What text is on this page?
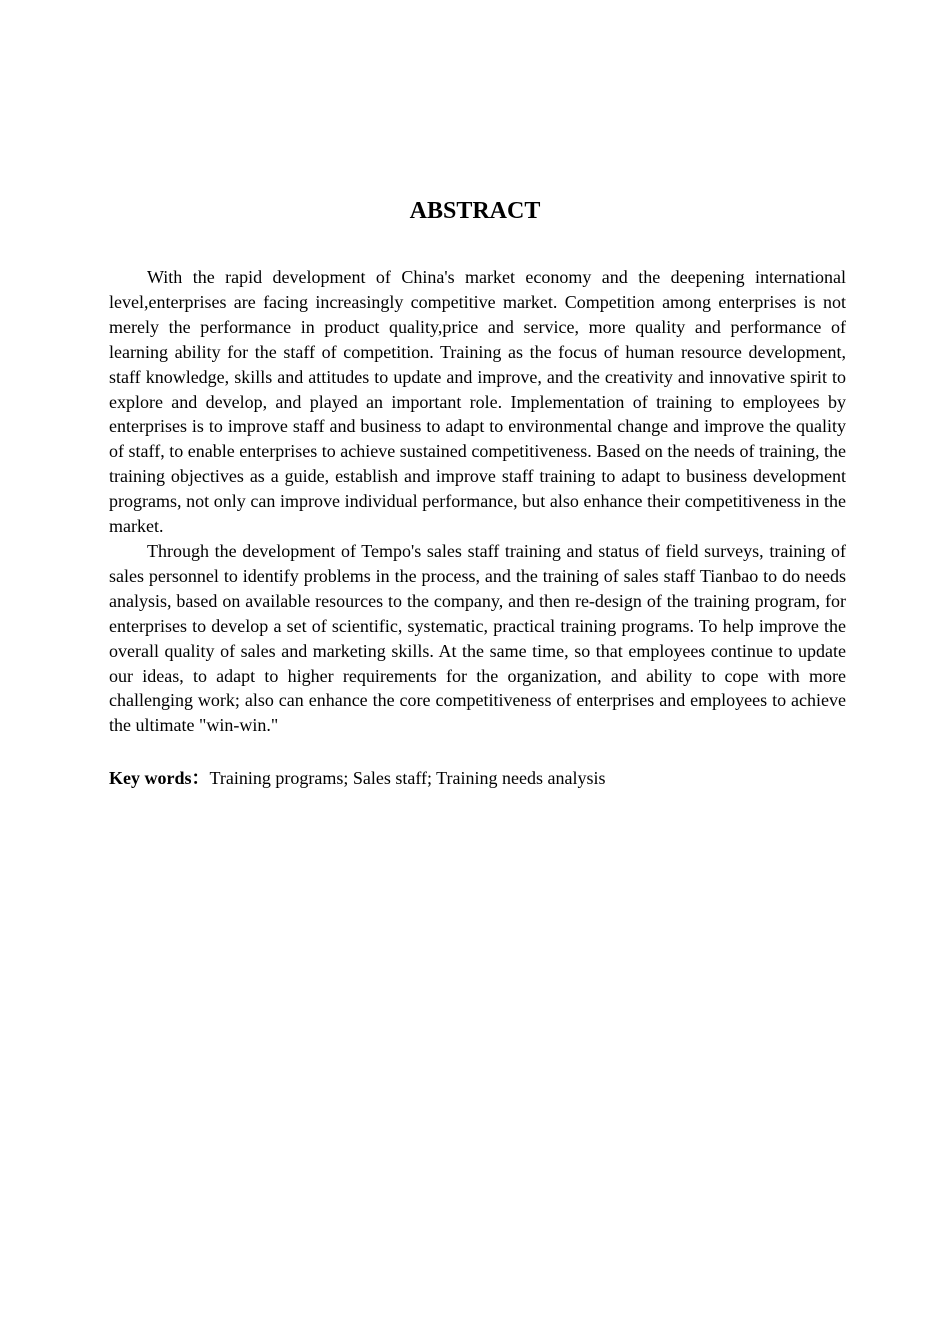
ABSTRACT

With the rapid development of China's market economy and the deepening international level,enterprises are facing increasingly competitive market. Competition among enterprises is not merely the performance in product quality,price and service, more quality and performance of learning ability for the staff of competition. Training as the focus of human resource development, staff knowledge, skills and attitudes to update and improve, and the creativity and innovative spirit to explore and develop, and played an important role. Implementation of training to employees by enterprises is to improve staff and business to adapt to environmental change and improve the quality of staff, to enable enterprises to achieve sustained competitiveness. Based on the needs of training, the training objectives as a guide, establish and improve staff training to adapt to business development programs, not only can improve individual performance, but also enhance their competitiveness in the market.

Through the development of Tempo's sales staff training and status of field surveys, training of sales personnel to identify problems in the process, and the training of sales staff Tianbao to do needs analysis, based on available resources to the company, and then re-design of the training program, for enterprises to develop a set of scientific, systematic, practical training programs. To help improve the overall quality of sales and marketing skills. At the same time, so that employees continue to update our ideas, to adapt to higher requirements for the organization, and ability to cope with more challenging work; also can enhance the core competitiveness of enterprises and employees to achieve the ultimate "win-win."

Key words：Training programs; Sales staff; Training needs analysis
